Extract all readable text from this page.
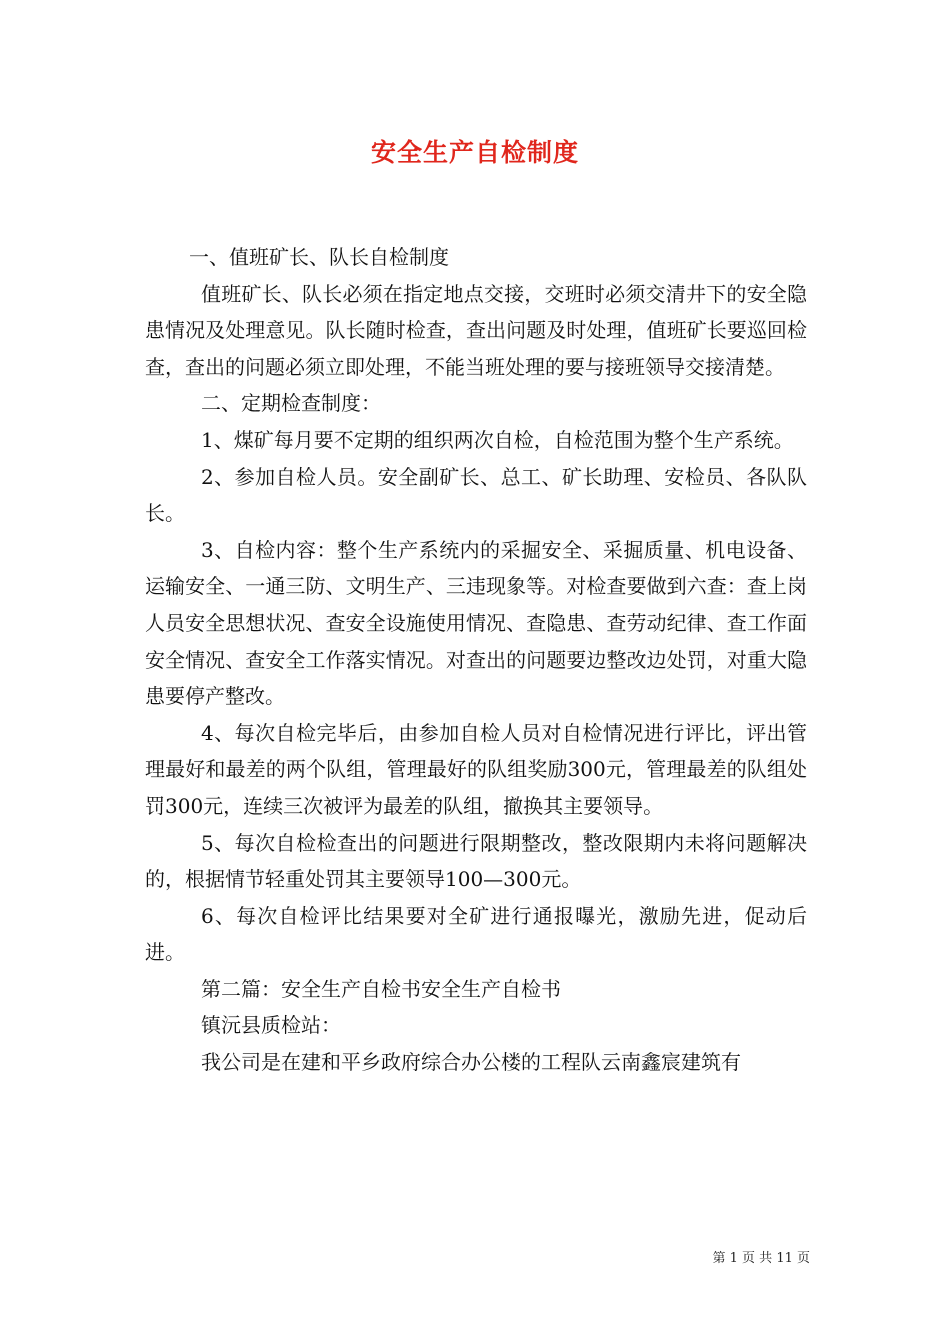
安全生产自检制度

一、值班矿长、队长自检制度

值班矿长、队长必须在指定地点交接，交班时必须交清井下的安全隐患情况及处理意见。队长随时检查，查出问题及时处理，值班矿长要巡回检查，查出的问题必须立即处理，不能当班处理的要与接班领导交接清楚。

二、定期检查制度：

1、煤矿每月要不定期的组织两次自检，自检范围为整个生产系统。

2、参加自检人员。安全副矿长、总工、矿长助理、安检员、各队队长。

3、自检内容：整个生产系统内的采掘安全、采掘质量、机电设备、运输安全、一通三防、文明生产、三违现象等。对检查要做到六查：查上岗人员安全思想状况、查安全设施使用情况、查隐患、查劳动纪律、查工作面安全情况、查安全工作落实情况。对查出的问题要边整改边处罚，对重大隐患要停产整改。

4、每次自检完毕后，由参加自检人员对自检情况进行评比，评出管理最好和最差的两个队组，管理最好的队组奖励300元，管理最差的队组处罚300元，连续三次被评为最差的队组，撤换其主要领导。

5、每次自检检查出的问题进行限期整改，整改限期内未将问题解决的，根据情节轻重处罚其主要领导100—300元。

6、每次自检评比结果要对全矿进行通报曝光，激励先进，促动后进。

第二篇：安全生产自检书安全生产自检书

镇沅县质检站：

我公司是在建和平乡政府综合办公楼的工程队云南鑫宸建筑有

第 1 页 共 11 页
